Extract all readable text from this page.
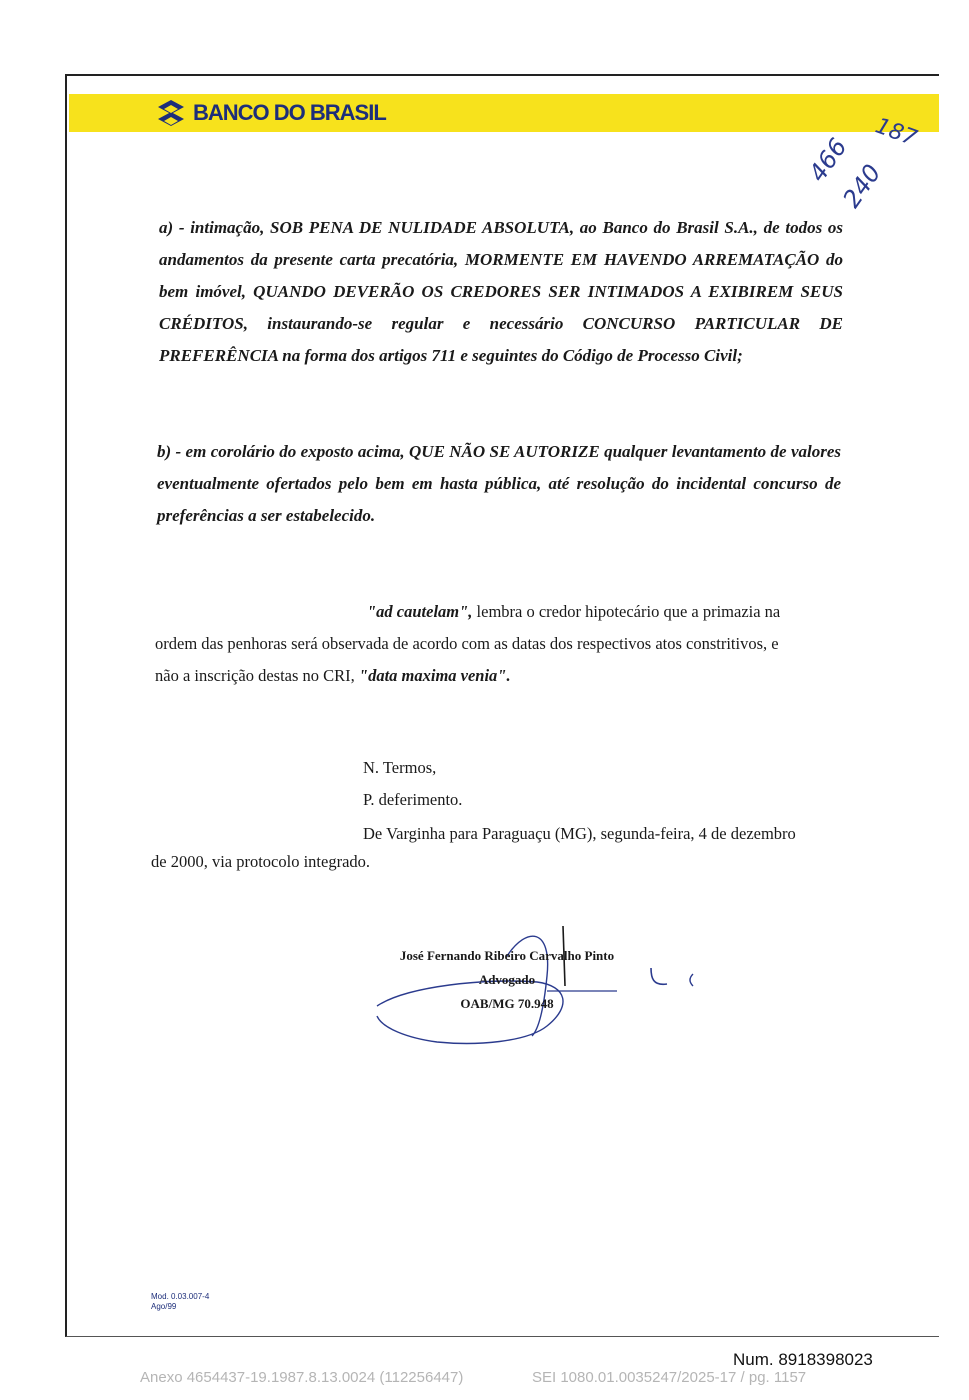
BANCO DO BRASIL
466
240
187

a) - intimação, SOB PENA DE NULIDADE ABSOLUTA, ao Banco do Brasil S.A., de todos os andamentos da presente carta precatória, MORMENTE EM HAVENDO ARREMATAÇÃO do bem imóvel, QUANDO DEVERÃO OS CREDORES SER INTIMADOS A EXIBIREM SEUS CRÉDITOS, instaurando-se regular e necessário CONCURSO PARTICULAR DE PREFERÊNCIA na forma dos artigos 711 e seguintes do Código de Processo Civil;

b) - em corolário do exposto acima, QUE NÃO SE AUTORIZE qualquer levantamento de valores eventualmente ofertados pelo bem em hasta pública, até resolução do incidental concurso de preferências a ser estabelecido.

"ad cautelam", lembra o credor hipotecário que a primazia na
ordem das penhoras será observada de acordo com as datas dos respectivos atos constritivos, e
não a inscrição destas no CRI, "data maxima venia".

N. Termos,
P. deferimento.
De Varginha para Paraguaçu (MG), segunda-feira, 4 de dezembro
de 2000, via protocolo integrado.
José Fernando Ribeiro Carvalho Pinto
Advogado
OAB/MG 70.948
Mod. 0.03.007-4
Ago/99
Num. 8918398023
Anexo 4654437-19.1987.8.13.0024 (112256447)	SEI 1080.01.0035247/2025-17 / pg. 1157
